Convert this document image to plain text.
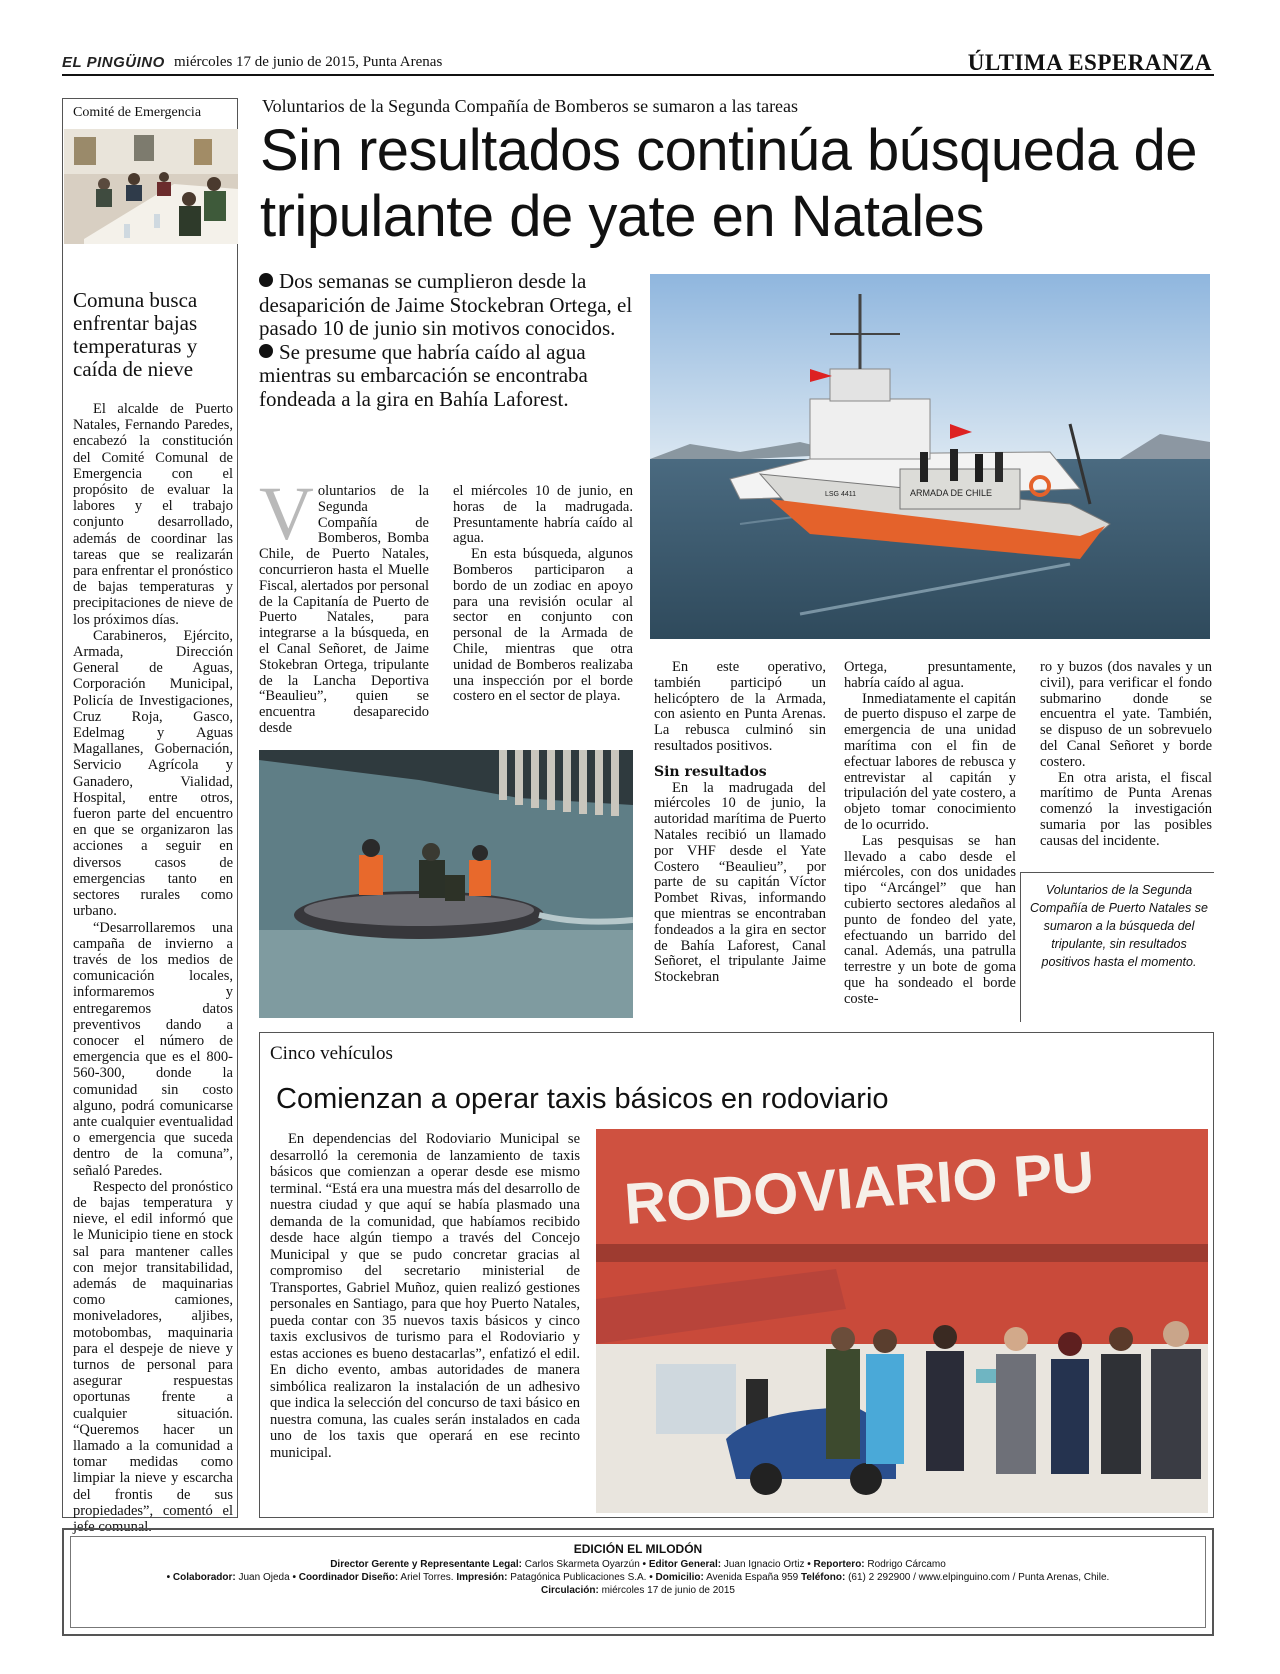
EL PINGÜINO miércoles 17 de junio de 2015, Punta Arenas	ÚLTIMA ESPERANZA
Comité de Emergencia
Comuna busca enfrentar bajas temperaturas y caída de nieve

El alcalde de Puerto Natales, Fernando Paredes, encabezó la constitución del Comité Comunal de Emergencia con el propósito de evaluar la labores y el trabajo conjunto desarrollado, además de coordinar las tareas que se realizarán para enfrentar el pronóstico de bajas temperaturas y precipitaciones de nieve de los próximos días.

Carabineros, Ejército, Armada, Dirección General de Aguas, Corporación Municipal, Policía de Investigaciones, Cruz Roja, Gasco, Edelmag y Aguas Magallanes, Gobernación, Servicio Agrícola y Ganadero, Vialidad, Hospital, entre otros, fueron parte del encuentro en que se organizaron las acciones a seguir en diversos casos de emergencias tanto en sectores rurales como urbano.

“Desarrollaremos una campaña de invierno a través de los medios de comunicación locales, informaremos y entregaremos datos preventivos dando a conocer el número de emergencia que es el 800-560-300, donde la comunidad sin costo alguno, podrá comunicarse ante cualquier eventualidad o emergencia que suceda dentro de la comuna”, señaló Paredes.

Respecto del pronóstico de bajas temperatura y nieve, el edil informó que le Municipio tiene en stock sal para mantener calles con mejor transitabilidad, además de maquinarias como camiones, moniveladores, aljibes, motobombas, maquinaria para el despeje de nieve y turnos de personal para asegurar respuestas oportunas frente a cualquier situación. “Queremos hacer un llamado a la comunidad a tomar medidas como limpiar la nieve y escarcha del frontis de sus propiedades”, comentó el jefe comunal.

Voluntarios de la Segunda Compañía de Bomberos se sumaron a las tareas
Sin resultados continúa búsqueda de tripulante de yate en Natales

Dos semanas se cumplieron desde la desaparición de Jaime Stockebran Ortega, el pasado 10 de junio sin motivos conocidos.

Se presume que habría caído al agua mientras su embarcación se encontraba fondeada a la gira en Bahía Laforest.

ARMADA DE CHILE
LSG 4411
V oluntarios de la Segunda Compañía de Bomberos, Bomba Chile, de Puerto Natales, concurrieron hasta el Muelle Fiscal, alertados por personal de la Capitanía de Puerto de Puerto Natales, para integrarse a la búsqueda, en el Canal Señoret, de Jaime Stokebran Ortega, tripulante de la Lancha Deportiva “Beaulieu”, quien se encuentra desaparecido desde

el miércoles 10 de junio, en horas de la madrugada. Presuntamente habría caído al agua.

En esta búsqueda, algunos Bomberos participaron a bordo de un zodiac en apoyo para una revisión ocular al sector en conjunto con personal de la Armada de Chile, mientras que otra unidad de Bomberos realizaba una inspección por el borde costero en el sector de playa.

En este operativo, también participó un helicóptero de la Armada, con asiento en Punta Arenas. La rebusca culminó sin resultados positivos.

Sin resultados

En la madrugada del miércoles 10 de junio, la autoridad marítima de Puerto Natales recibió un llamado por VHF desde el Yate Costero “Beaulieu”, por parte de su capitán Víctor Pombet Rivas, informando que mientras se encontraban fondeados a la gira en sector de Bahía Laforest, Canal Señoret, el tripulante Jaime Stockebran

Ortega, presuntamente, habría caído al agua.

Inmediatamente el capitán de puerto dispuso el zarpe de emergencia de una unidad marítima con el fin de efectuar labores de rebusca y entrevistar al capitán y tripulación del yate costero, a objeto tomar conocimiento de lo ocurrido.

Las pesquisas se han llevado a cabo desde el miércoles, con dos unidades tipo “Arcángel” que han cubierto sectores aledaños al punto de fondeo del yate, efectuando un barrido del canal. Además, una patrulla terrestre y un bote de goma que ha sondeado el borde coste-

ro y buzos (dos navales y un civil), para verificar el fondo submarino donde se encuentra el yate. También, se dispuso de un sobrevuelo del Canal Señoret y borde costero.

En otra arista, el fiscal marítimo de Punta Arenas comenzó la investigación sumaria por las posibles causas del incidente.

Voluntarios de la Segunda Compañía de Puerto Natales se sumaron a la búsqueda del tripulante, sin resultados positivos hasta el momento.
Cinco vehículos
Comienzan a operar taxis básicos en rodoviario

En dependencias del Rodoviario Municipal se desarrolló la ceremonia de lanzamiento de taxis básicos que comienzan a operar desde ese mismo terminal. “Está era una muestra más del desarrollo de nuestra ciudad y que aquí se había plasmado una demanda de la comunidad, que habíamos recibido desde hace algún tiempo a través del Concejo Municipal y que se pudo concretar gracias al compromiso del secretario ministerial de Transportes, Gabriel Muñoz, quien realizó gestiones personales en Santiago, para que hoy Puerto Natales, pueda contar con 35 nuevos taxis básicos y cinco taxis exclusivos de turismo para el Rodoviario y estas acciones es bueno destacarlas”, enfatizó el edil. En dicho evento, ambas autoridades de manera simbólica realizaron la instalación de un adhesivo que indica la selección del concurso de taxi básico en nuestra comuna, las cuales serán instalados en cada uno de los taxis que operará en ese recinto municipal.

RODOVIARIO PU
EDICIÓN EL MILODÓN
Director Gerente y Representante Legal: Carlos Skarmeta Oyarzún • Editor General: Juan Ignacio Ortiz • Reportero: Rodrigo Cárcamo
• Colaborador: Juan Ojeda • Coordinador Diseño: Ariel Torres. Impresión: Patagónica Publicaciones S.A. • Domicilio: Avenida España 959 Teléfono: (61) 2 292900 / www.elpinguino.com / Punta Arenas, Chile.
Circulación: miércoles 17 de junio de 2015
